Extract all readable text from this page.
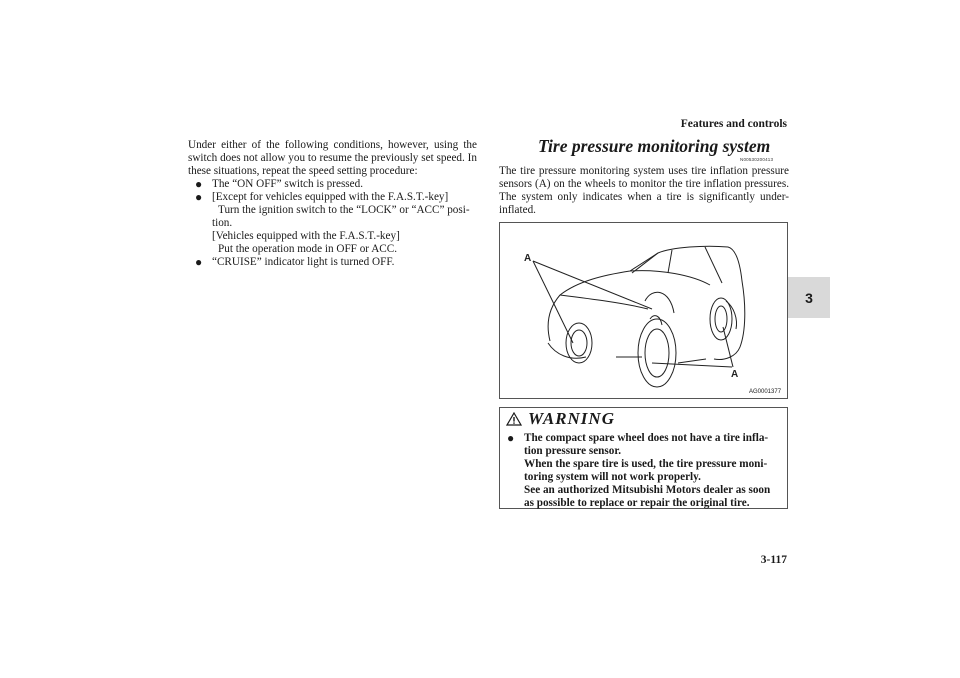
Features and controls
3
3-117
Under either of the following conditions, however, using the switch does not allow you to resume the previously set speed. In these situations, repeat the speed setting procedure:
● The “ON OFF” switch is pressed.
● [Except for vehicles equipped with the F.A.S.T.-key]
Turn the ignition switch to the “LOCK” or “ACC” posi-
tion.
[Vehicles equipped with the F.A.S.T.-key]
Put the operation mode in OFF or ACC.
● “CRUISE” indicator light is turned OFF.
Tire pressure monitoring system
N00530200413
The tire pressure monitoring system uses tire inflation pressure sensors (A) on the wheels to monitor the tire inflation pressures. The system only indicates when a tire is significantly under-inflated.
A
A
AG0001377
WARNING
● The compact spare wheel does not have a tire infla-
tion pressure sensor.
When the spare tire is used, the tire pressure moni-
toring system will not work properly.
See an authorized Mitsubishi Motors dealer as soon
as possible to replace or repair the original tire.
